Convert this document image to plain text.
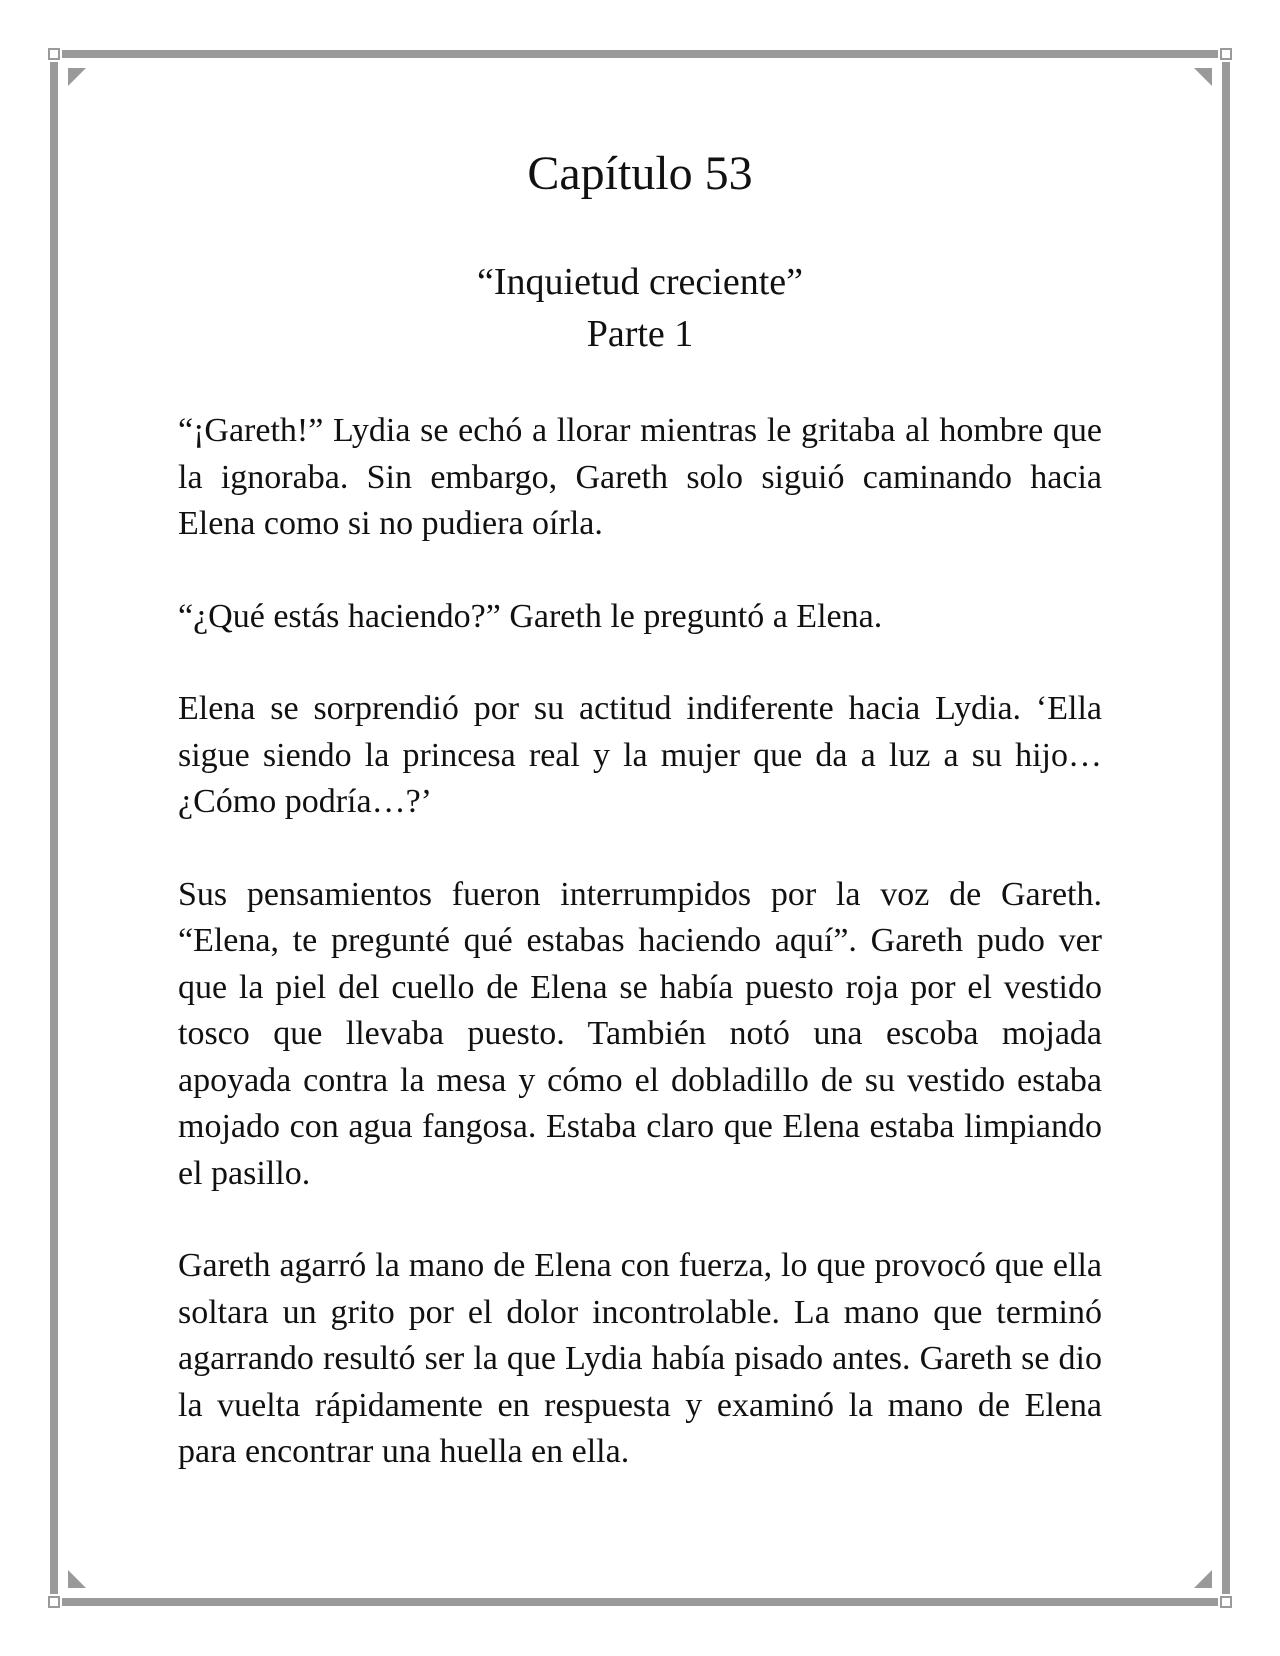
Capítulo 53
“Inquietud creciente”
Parte 1

“¡Gareth!” Lydia se echó a llorar mientras le gritaba al hombre que la ignoraba. Sin embargo, Gareth solo siguió caminando hacia Elena como si no pudiera oírla.

“¿Qué estás haciendo?” Gareth le preguntó a Elena.

Elena se sorprendió por su actitud indiferente hacia Lydia. ‘Ella sigue siendo la princesa real y la mujer que da a luz a su hijo… ¿Cómo podría…?’

Sus pensamientos fueron interrumpidos por la voz de Gareth. “Elena, te pregunté qué estabas haciendo aquí”. Gareth pudo ver que la piel del cuello de Elena se había puesto roja por el vestido tosco que llevaba puesto. También notó una escoba mojada apoyada contra la mesa y cómo el dobladillo de su vestido estaba mojado con agua fangosa. Estaba claro que Elena estaba limpiando el pasillo.

Gareth agarró la mano de Elena con fuerza, lo que provocó que ella soltara un grito por el dolor incontrolable. La mano que terminó agarrando resultó ser la que Lydia había pisado antes. Gareth se dio la vuelta rápidamente en respuesta y examinó la mano de Elena para encontrar una huella en ella.
